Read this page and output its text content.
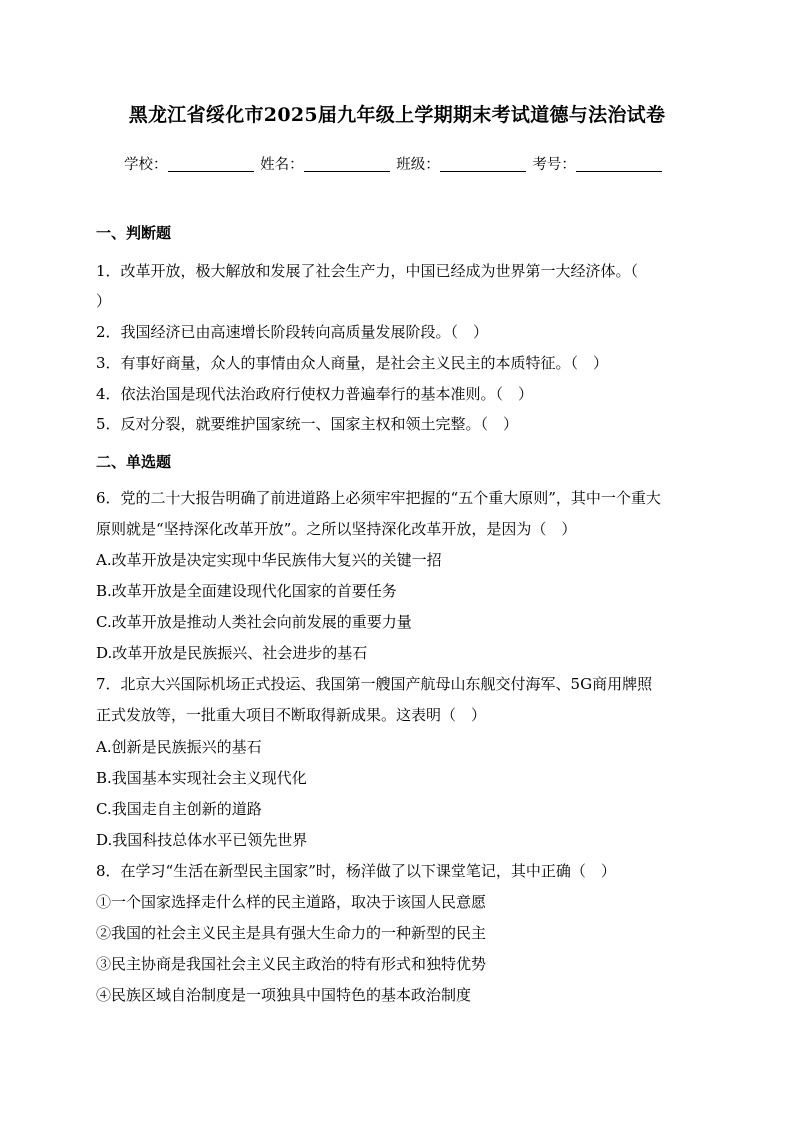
黑龙江省绥化市2025届九年级上学期期末考试道德与法治试卷
学校：	姓名：	班级：	考号：
一、判断题
1．改革开放，极大解放和发展了社会生产力，中国已经成为世界第一大经济体。（
）
2．我国经济已由高速增长阶段转向高质量发展阶段。（　）
3．有事好商量，众人的事情由众人商量，是社会主义民主的本质特征。（　）
4．依法治国是现代法治政府行使权力普遍奉行的基本准则。（　）
5．反对分裂，就要维护国家统一、国家主权和领土完整。（　）
二、单选题
6．党的二十大报告明确了前进道路上必须牢牢把握的“五个重大原则”，其中一个重大
原则就是“坚持深化改革开放”。之所以坚持深化改革开放，是因为（　）
A.改革开放是决定实现中华民族伟大复兴的关键一招
B.改革开放是全面建设现代化国家的首要任务
C.改革开放是推动人类社会向前发展的重要力量
D.改革开放是民族振兴、社会进步的基石
7．北京大兴国际机场正式投运、我国第一艘国产航母山东舰交付海军、5G商用牌照
正式发放等，一批重大项目不断取得新成果。这表明（　）
A.创新是民族振兴的基石
B.我国基本实现社会主义现代化
C.我国走自主创新的道路
D.我国科技总体水平已领先世界
8．在学习“生活在新型民主国家”时，杨洋做了以下课堂笔记，其中正确（　）
①一个国家选择走什么样的民主道路，取决于该国人民意愿
②我国的社会主义民主是具有强大生命力的一种新型的民主
③民主协商是我国社会主义民主政治的特有形式和独特优势
④民族区域自治制度是一项独具中国特色的基本政治制度
